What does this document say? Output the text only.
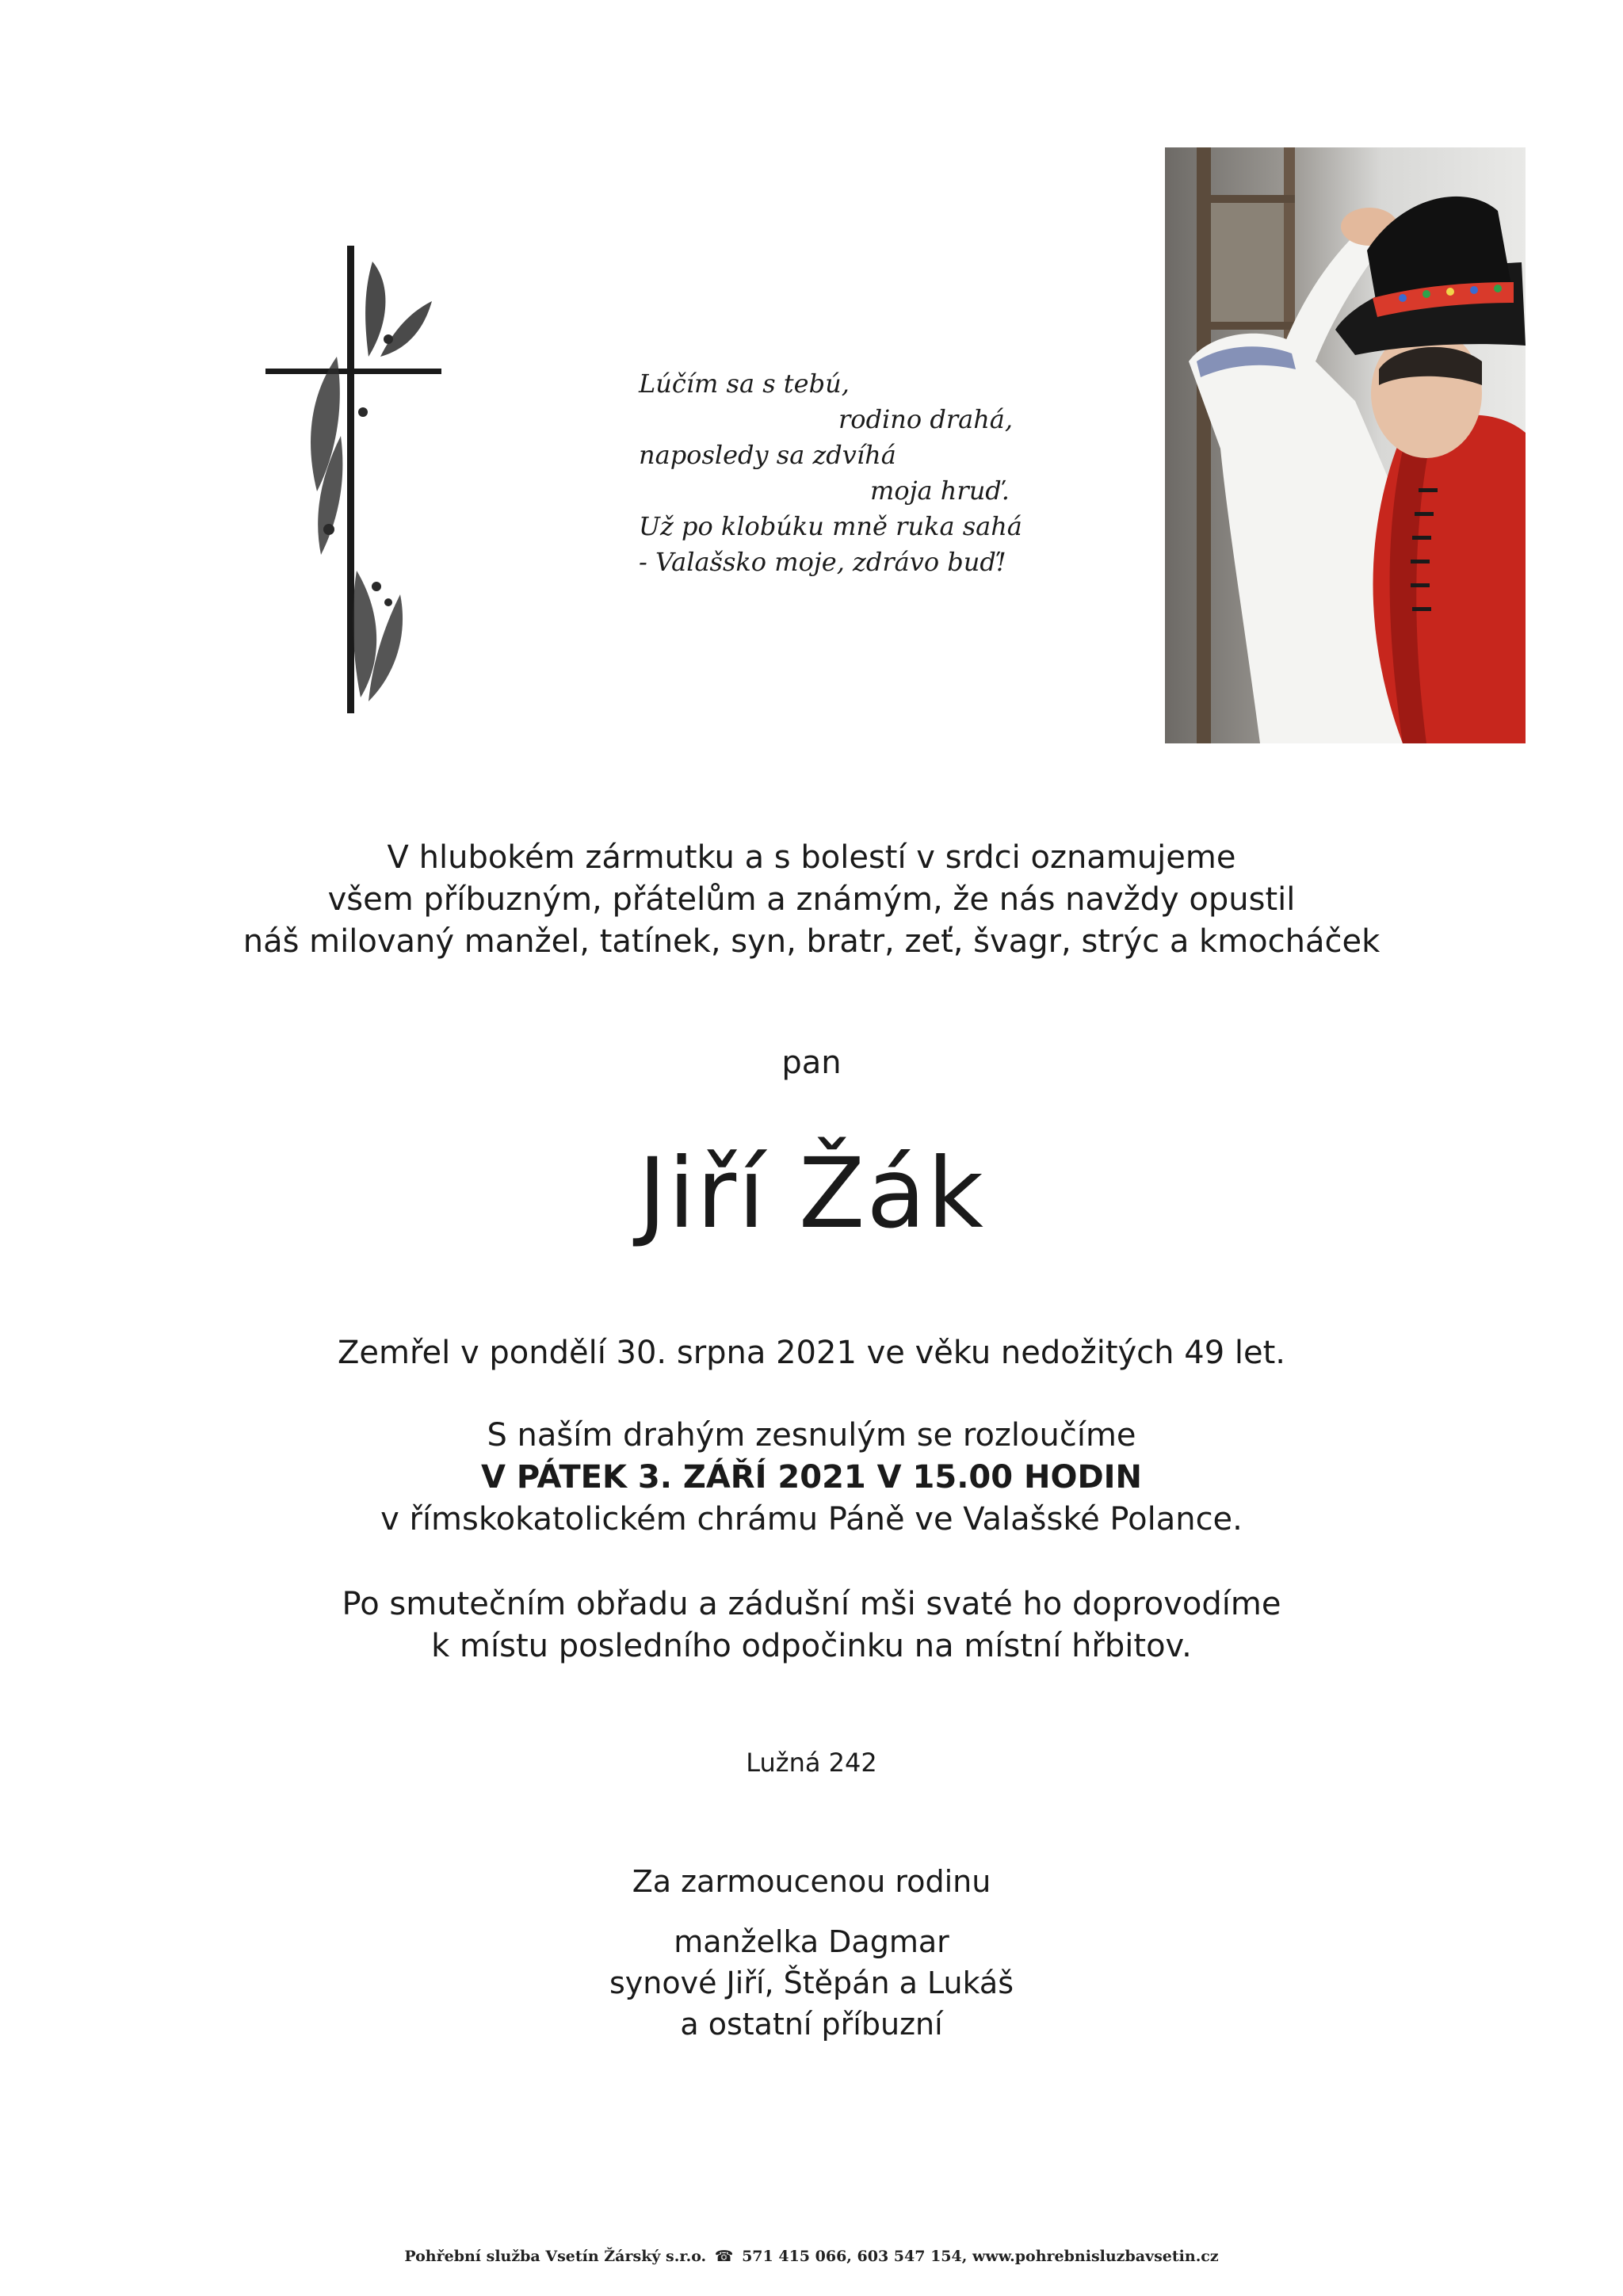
Lúčím sa s tebú,
rodino drahá,
naposledy sa zdvíhá
moja hruď.
Už po klobúku mně ruka sahá
- Valašsko moje, zdrávo buď!
V hlubokém zármutku a s bolestí v srdci oznamujeme
všem příbuzným, přátelům a známým, že nás navždy opustil
náš milovaný manžel, tatínek, syn, bratr, zeť, švagr, strýc a kmocháček
pan
Jiří Žák
Zemřel v pondělí 30. srpna 2021 ve věku nedožitých 49 let.
S naším drahým zesnulým se rozloučíme
V PÁTEK 3. ZÁŘÍ 2021 V 15.00 HODIN
v římskokatolickém chrámu Páně ve Valašské Polance.
Po smutečním obřadu a zádušní mši svaté ho doprovodíme
k místu posledního odpočinku na místní hřbitov.
Lužná 242
Za zarmoucenou rodinu
manželka Dagmar
synové Jiří, Štěpán a Lukáš
a ostatní příbuzní
Pohřební služba Vsetín Žárský s.r.o. ☎ 571 415 066, 603 547 154, www.pohrebnisluzbavsetin.cz
